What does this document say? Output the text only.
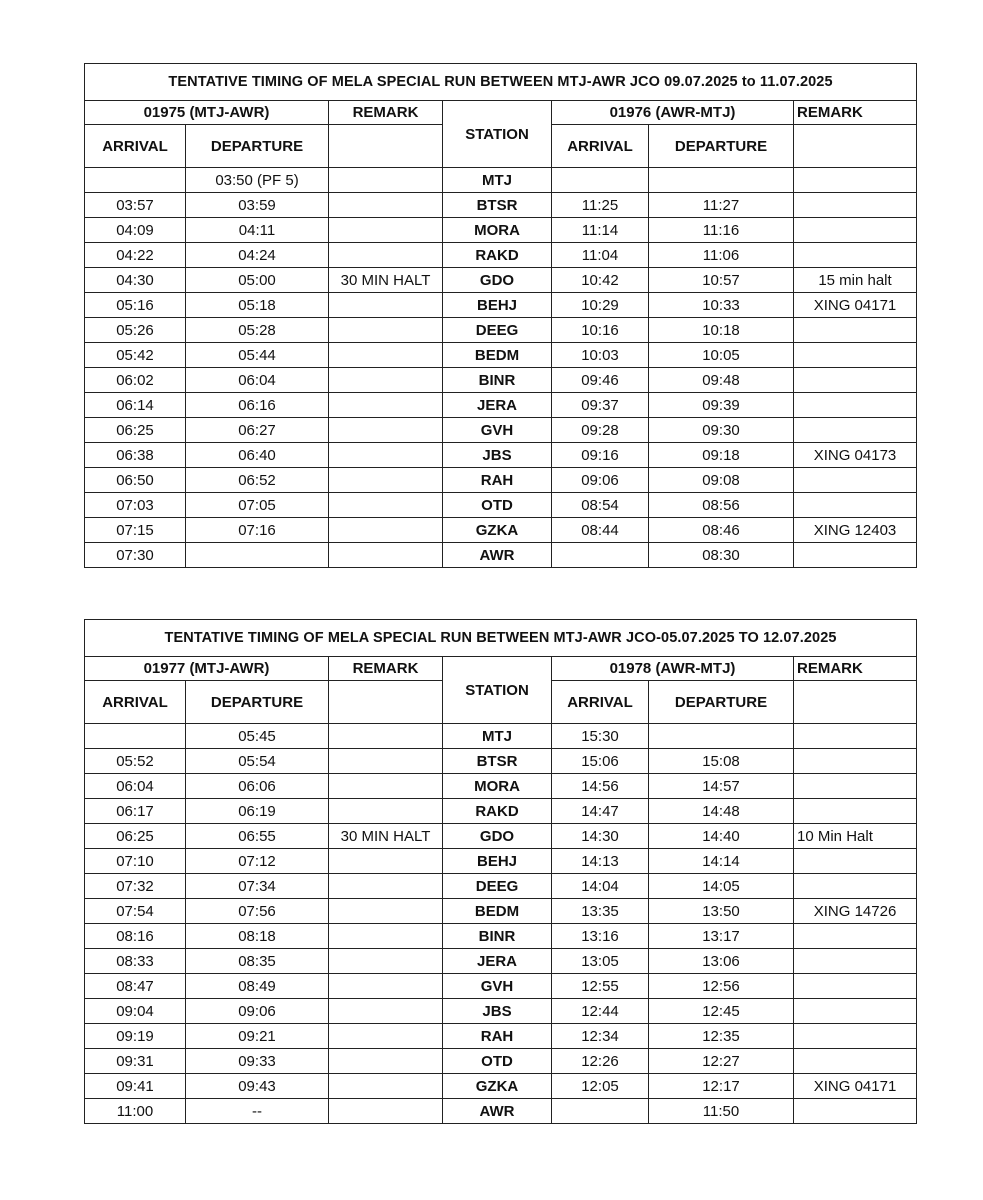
TENTATIVE TIMING OF MELA SPECIAL RUN BETWEEN MTJ-AWR JCO 09.07.2025 to 11.07.2025						
01975 (MTJ-AWR)		REMARK	STATION	01976 (AWR-MTJ)		REMARK
ARRIVAL	DEPARTURE			ARRIVAL	DEPARTURE	
	03:50 (PF 5)		MTJ			
03:57	03:59		BTSR	11:25	11:27	
04:09	04:11		MORA	11:14	11:16	
04:22	04:24		RAKD	11:04	11:06	
04:30	05:00	30 MIN HALT	GDO	10:42	10:57	15 min halt
05:16	05:18		BEHJ	10:29	10:33	XING 04171
05:26	05:28		DEEG	10:16	10:18	
05:42	05:44		BEDM	10:03	10:05	
06:02	06:04		BINR	09:46	09:48	
06:14	06:16		JERA	09:37	09:39	
06:25	06:27		GVH	09:28	09:30	
06:38	06:40		JBS	09:16	09:18	XING 04173
06:50	06:52		RAH	09:06	09:08	
07:03	07:05		OTD	08:54	08:56	
07:15	07:16		GZKA	08:44	08:46	XING 12403
07:30			AWR		08:30	
TENTATIVE TIMING OF MELA SPECIAL RUN BETWEEN MTJ-AWR JCO-05.07.2025 TO 12.07.2025						
01977 (MTJ-AWR)		REMARK	STATION	01978 (AWR-MTJ)		REMARK
ARRIVAL	DEPARTURE			ARRIVAL	DEPARTURE	
	05:45		MTJ	15:30		
05:52	05:54		BTSR	15:06	15:08	
06:04	06:06		MORA	14:56	14:57	
06:17	06:19		RAKD	14:47	14:48	
06:25	06:55	30 MIN HALT	GDO	14:30	14:40	10 Min Halt
07:10	07:12		BEHJ	14:13	14:14	
07:32	07:34		DEEG	14:04	14:05	
07:54	07:56		BEDM	13:35	13:50	XING 14726
08:16	08:18		BINR	13:16	13:17	
08:33	08:35		JERA	13:05	13:06	
08:47	08:49		GVH	12:55	12:56	
09:04	09:06		JBS	12:44	12:45	
09:19	09:21		RAH	12:34	12:35	
09:31	09:33		OTD	12:26	12:27	
09:41	09:43		GZKA	12:05	12:17	XING 04171
11:00	--		AWR		11:50	
